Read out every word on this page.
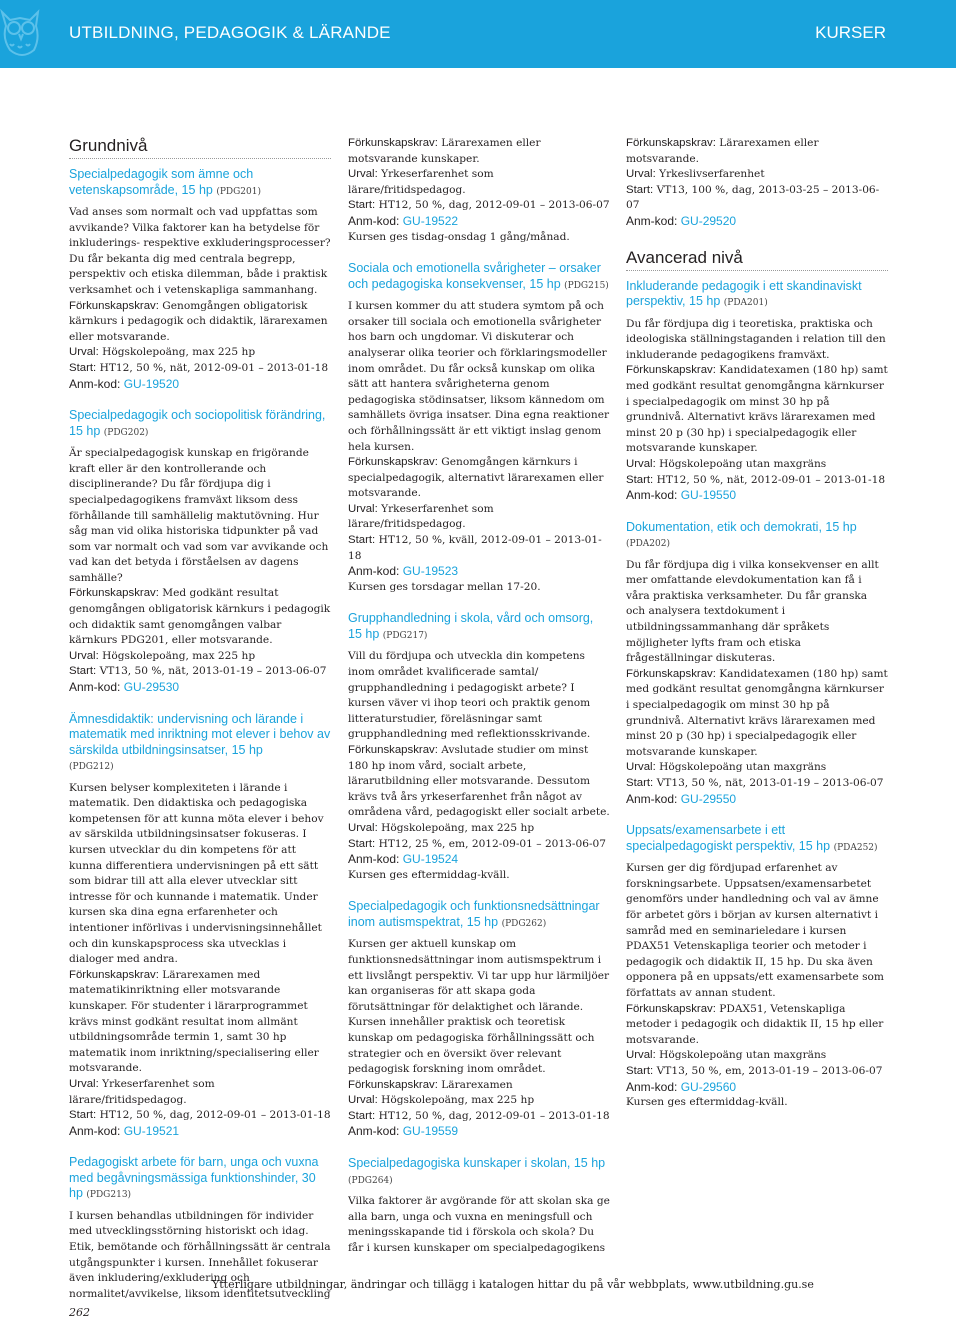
UTBILDNING, PEDAGOGIK & LÄRANDE	KURSER
Grundnivå
Specialpedagogik som ämne och vetenskapsområde, 15 hp (PDG201)

Vad anses som normalt och vad uppfattas som avvikande? Vilka faktorer kan ha betydelse för inkluderings- respektive exkluderingsprocesser? Du får bekanta dig med centrala begrepp, perspektiv och etiska dilemman, både i praktisk verksamhet och i vetenskapliga sammanhang.

Förkunskapskrav: Genomgången obligatorisk kärnkurs i pedagogik och didaktik, lärarexamen eller motsvarande.

Urval: Högskolepoäng, max 225 hp

Start: HT12, 50 %, nät, 2012-09-01 – 2013-01-18

Anm-kod: GU-19520

Specialpedagogik och sociopolitisk förändring, 15 hp (PDG202)

Är specialpedagogisk kunskap en frigörande kraft eller är den kontrollerande och disciplinerande? Du får fördjupa dig i specialpedagogikens framväxt liksom dess förhållande till samhällelig maktutövning. Hur såg man vid olika historiska tidpunkter på vad som var normalt och vad som var avvikande och vad kan det betyda i förståelsen av dagens samhälle?

Förkunskapskrav: Med godkänt resultat genomgången obligatorisk kärnkurs i pedagogik och didaktik samt genomgången valbar kärnkurs PDG201, eller motsvarande.

Urval: Högskolepoäng, max 225 hp

Start: VT13, 50 %, nät, 2013-01-19 – 2013-06-07

Anm-kod: GU-29530

Ämnesdidaktik: undervisning och lärande i matematik med inriktning mot elever i behov av särskilda utbildningsinsatser, 15 hp
(PDG212)

Kursen belyser komplexiteten i lärande i matematik. Den didaktiska och pedagogiska kompetensen för att kunna möta elever i behov av särskilda utbildningsinsatser fokuseras. I kursen utvecklar du din kompetens för att kunna differentiera undervisningen på ett sätt som bidrar till att alla elever utvecklar sitt intresse för och kunnande i matematik. Under kursen ska dina egna erfarenheter och intentioner införlivas i undervisningsinnehållet och din kunskapsprocess ska utvecklas i dialoger med andra.

Förkunskapskrav: Lärarexamen med matematikinriktning eller motsvarande kunskaper. För studenter i lärarprogrammet krävs minst godkänt resultat inom allmänt utbildningsområde termin 1, samt 30 hp matematik inom inriktning/specialisering eller motsvarande.

Urval: Yrkeserfarenhet som lärare/fritidspedagog.

Start: HT12, 50 %, dag, 2012-09-01 – 2013-01-18

Anm-kod: GU-19521

Pedagogiskt arbete för barn, unga och vuxna med begåvningsmässiga funktionshinder, 30 hp (PDG213)

I kursen behandlas utbildningen för individer med utvecklingsstörning historiskt och idag. Etik, bemötande och förhållningssätt är centrala utgångspunkter i kursen. Innehållet fokuserar även inkludering/exkludering och normalitet/avvikelse, liksom identitetsutveckling

Förkunskapskrav: Lärarexamen eller motsvarande kunskaper.

Urval: Yrkeserfarenhet som lärare/fritidspedagog.

Start: HT12, 50 %, dag, 2012-09-01 – 2013-06-07

Anm-kod: GU-19522

Kursen ges tisdag-onsdag 1 gång/månad.

Sociala och emotionella svårigheter – orsaker och pedagogiska konsekvenser, 15 hp (PDG215)

I kursen kommer du att studera symtom på och orsaker till sociala och emotionella svårigheter hos barn och ungdomar. Vi diskuterar och analyserar olika teorier och förklaringsmodeller inom området. Du får också kunskap om olika sätt att hantera svårigheterna genom pedagogiska stödinsatser, liksom kännedom om samhällets övriga insatser. Dina egna reaktioner och förhållningssätt är ett viktigt inslag genom hela kursen.

Förkunskapskrav: Genomgången kärnkurs i specialpedagogik, alternativt lärarexamen eller motsvarande.

Urval: Yrkeserfarenhet som lärare/fritidspedagog.

Start: HT12, 50 %, kväll, 2012-09-01 – 2013-01-18

Anm-kod: GU-19523

Kursen ges torsdagar mellan 17-20.

Grupphandledning i skola, vård och omsorg, 15 hp (PDG217)

Vill du fördjupa och utveckla din kompetens inom området kvalificerade samtal/ grupphandledning i pedagogiskt arbete? I kursen väver vi ihop teori och praktik genom litteraturstudier, föreläsningar samt grupphandledning med reflektionsskrivande.

Förkunskapskrav: Avslutade studier om minst 180 hp inom vård, socialt arbete, lärarutbildning eller motsvarande. Dessutom krävs två års yrkeserfarenhet från något av områdena vård, pedagogiskt eller socialt arbete.

Urval: Högskolepoäng, max 225 hp

Start: HT12, 25 %, em, 2012-09-01 – 2013-06-07

Anm-kod: GU-19524

Kursen ges eftermiddag-kväll.

Specialpedagogik och funktionsnedsättningar inom autismspektrat, 15 hp (PDG262)

Kursen ger aktuell kunskap om funktionsnedsättningar inom autismspektrum i ett livslångt perspektiv. Vi tar upp hur lärmiljöer kan organiseras för att skapa goda förutsättningar för delaktighet och lärande. Kursen innehåller praktisk och teoretisk kunskap om pedagogiska förhållningssätt och strategier och en översikt över relevant pedagogisk forskning inom området.

Förkunskapskrav: Lärarexamen

Urval: Högskolepoäng, max 225 hp

Start: HT12, 50 %, dag, 2012-09-01 – 2013-01-18

Anm-kod: GU-19559

Specialpedagogiska kunskaper i skolan, 15 hp (PDG264)

Vilka faktorer är avgörande för att skolan ska ge alla barn, unga och vuxna en meningsfull och meningsskapande tid i förskola och skola? Du får i kursen kunskaper om specialpedagogikens

Förkunskapskrav: Lärarexamen eller motsvarande.

Urval: Yrkeslivserfarenhet

Start: VT13, 100 %, dag, 2013-03-25 – 2013-06-07

Anm-kod: GU-29520

Avancerad nivå
Inkluderande pedagogik i ett skandinaviskt perspektiv, 15 hp (PDA201)

Du får fördjupa dig i teoretiska, praktiska och ideologiska ställningstaganden i relation till den inkluderande pedagogikens framväxt.

Förkunskapskrav: Kandidatexamen (180 hp) samt med godkänt resultat genomgångna kärnkurser i specialpedagogik om minst 30 hp på grundnivå. Alternativt krävs lärarexamen med minst 20 p (30 hp) i specialpedagogik eller motsvarande kunskaper.

Urval: Högskolepoäng utan maxgräns

Start: HT12, 50 %, nät, 2012-09-01 – 2013-01-18

Anm-kod: GU-19550

Dokumentation, etik och demokrati, 15 hp
(PDA202)

Du får fördjupa dig i vilka konsekvenser en allt mer omfattande elevdokumentation kan få i våra praktiska verksamheter. Du får granska och analysera textdokument i utbildningssammanhang där språkets möjligheter lyfts fram och etiska frågeställningar diskuteras.

Förkunskapskrav: Kandidatexamen (180 hp) samt med godkänt resultat genomgångna kärnkurser i specialpedagogik om minst 30 hp på grundnivå. Alternativt krävs lärarexamen med minst 20 p (30 hp) i specialpedagogik eller motsvarande kunskaper.

Urval: Högskolepoäng utan maxgräns

Start: VT13, 50 %, nät, 2013-01-19 – 2013-06-07

Anm-kod: GU-29550

Uppsats/examensarbete i ett specialpedagogiskt perspektiv, 15 hp (PDA252)

Kursen ger dig fördjupad erfarenhet av forskningsarbete. Uppsatsen/examensarbetet genomförs under handledning och val av ämne för arbetet görs i början av kursen alternativt i samråd med en seminarieledare i kursen PDAX51 Vetenskapliga teorier och metoder i pedagogik och didaktik II, 15 hp. Du ska även opponera på en uppsats/ett examensarbete som författats av annan student.

Förkunskapskrav: PDAX51, Vetenskapliga metoder i pedagogik och didaktik II, 15 hp eller motsvarande.

Urval: Högskolepoäng utan maxgräns

Start: VT13, 50 %, em, 2013-01-19 – 2013-06-07

Anm-kod: GU-29560

Kursen ges eftermiddag-kväll.

Ytterligare utbildningar, ändringar och tillägg i katalogen hittar du på vår webbplats, www.utbildning.gu.se
262
